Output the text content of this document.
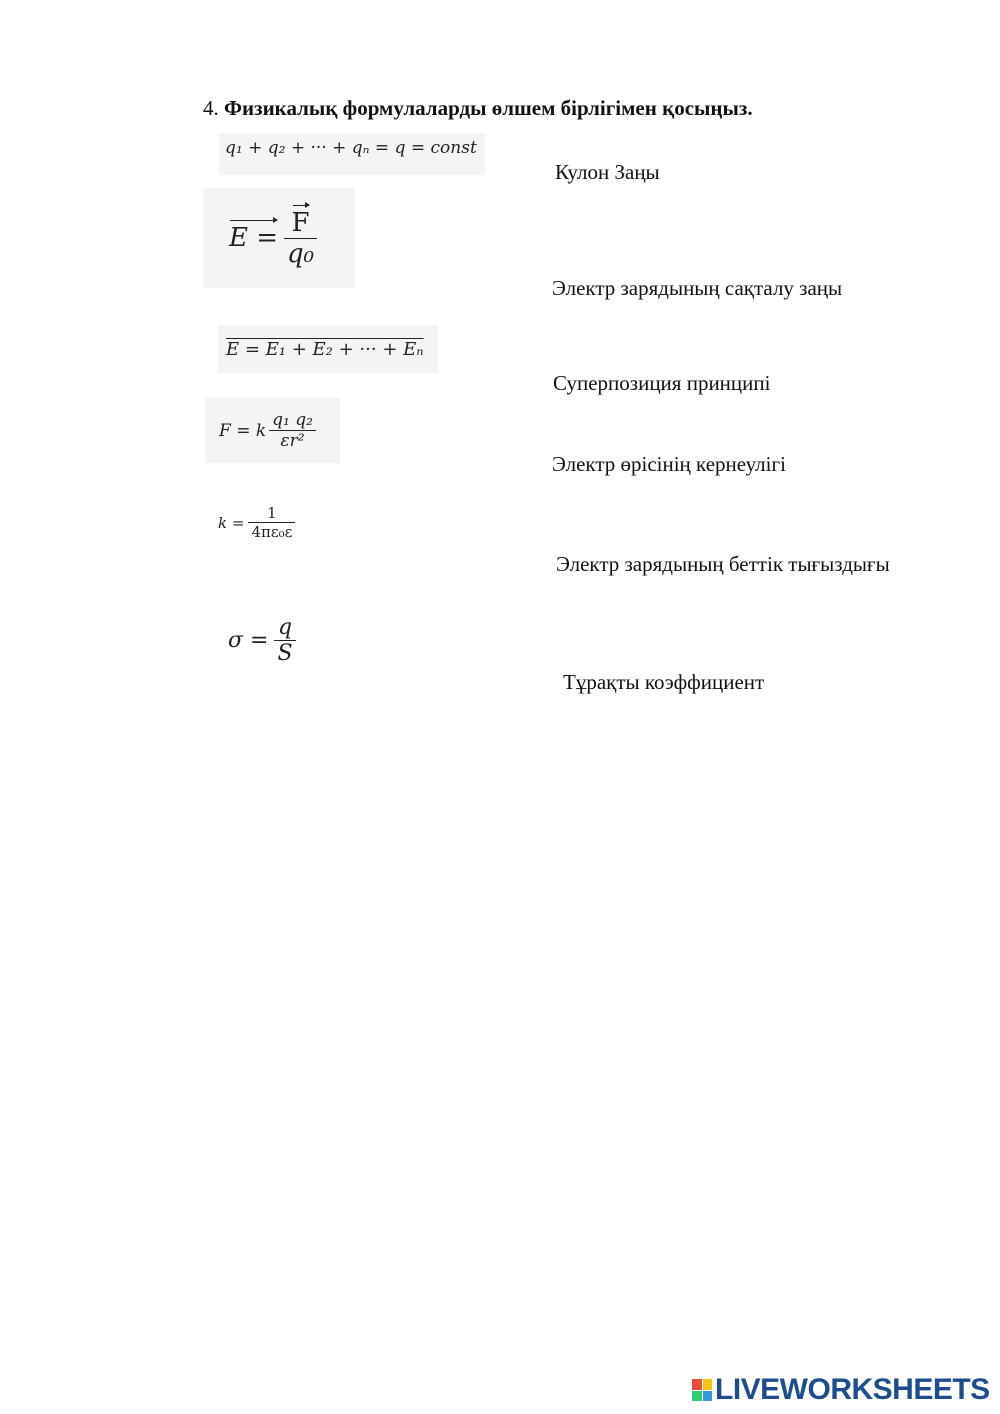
4. Физикалық формулаларды өлшем бірлігімен қосыңыз.
q₁ + q₂ + ··· + qₙ = q = const
$E = \frac{F}{\text{q₀}}$
E = E₁ + E₂ + ··· + Eₙ
F = k $\frac{\text{q₁ q₂}}{\text{εr²}}$
$k = \frac{1}{\text{4πε₀ε}}$
$\sigma = \frac{q}{S}$
Кулон Заңы
Электр зарядының сақталу заңы
Суперпозиция принципі
Электр өрісінің кернеулігі
Электр зарядының беттік тығыздығы
Тұрақты коэффициент
LIVEWORKSHEETS
